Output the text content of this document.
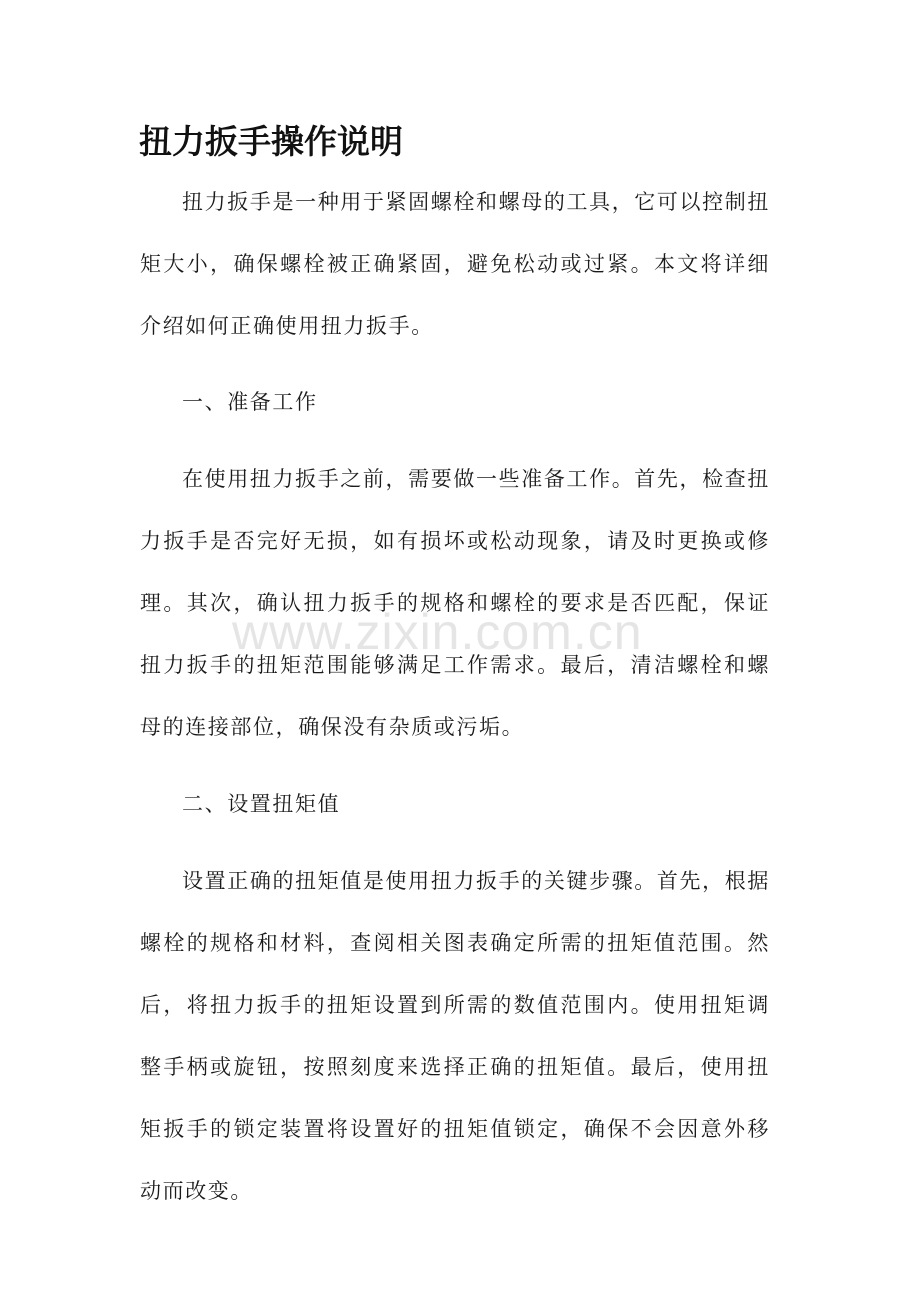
扭力扳手操作说明

扭力扳手是一种用于紧固螺栓和螺母的工具，它可以控制扭矩大小，确保螺栓被正确紧固，避免松动或过紧。本文将详细介绍如何正确使用扭力扳手。

一、准备工作

在使用扭力扳手之前，需要做一些准备工作。首先，检查扭力扳手是否完好无损，如有损坏或松动现象，请及时更换或修理。其次，确认扭力扳手的规格和螺栓的要求是否匹配，保证扭力扳手的扭矩范围能够满足工作需求。最后，清洁螺栓和螺母的连接部位，确保没有杂质或污垢。

二、设置扭矩值

设置正确的扭矩值是使用扭力扳手的关键步骤。首先，根据螺栓的规格和材料，查阅相关图表确定所需的扭矩值范围。然后，将扭力扳手的扭矩设置到所需的数值范围内。使用扭矩调整手柄或旋钮，按照刻度来选择正确的扭矩值。最后，使用扭矩扳手的锁定装置将设置好的扭矩值锁定，确保不会因意外移动而改变。

www.zixin.com.cn
